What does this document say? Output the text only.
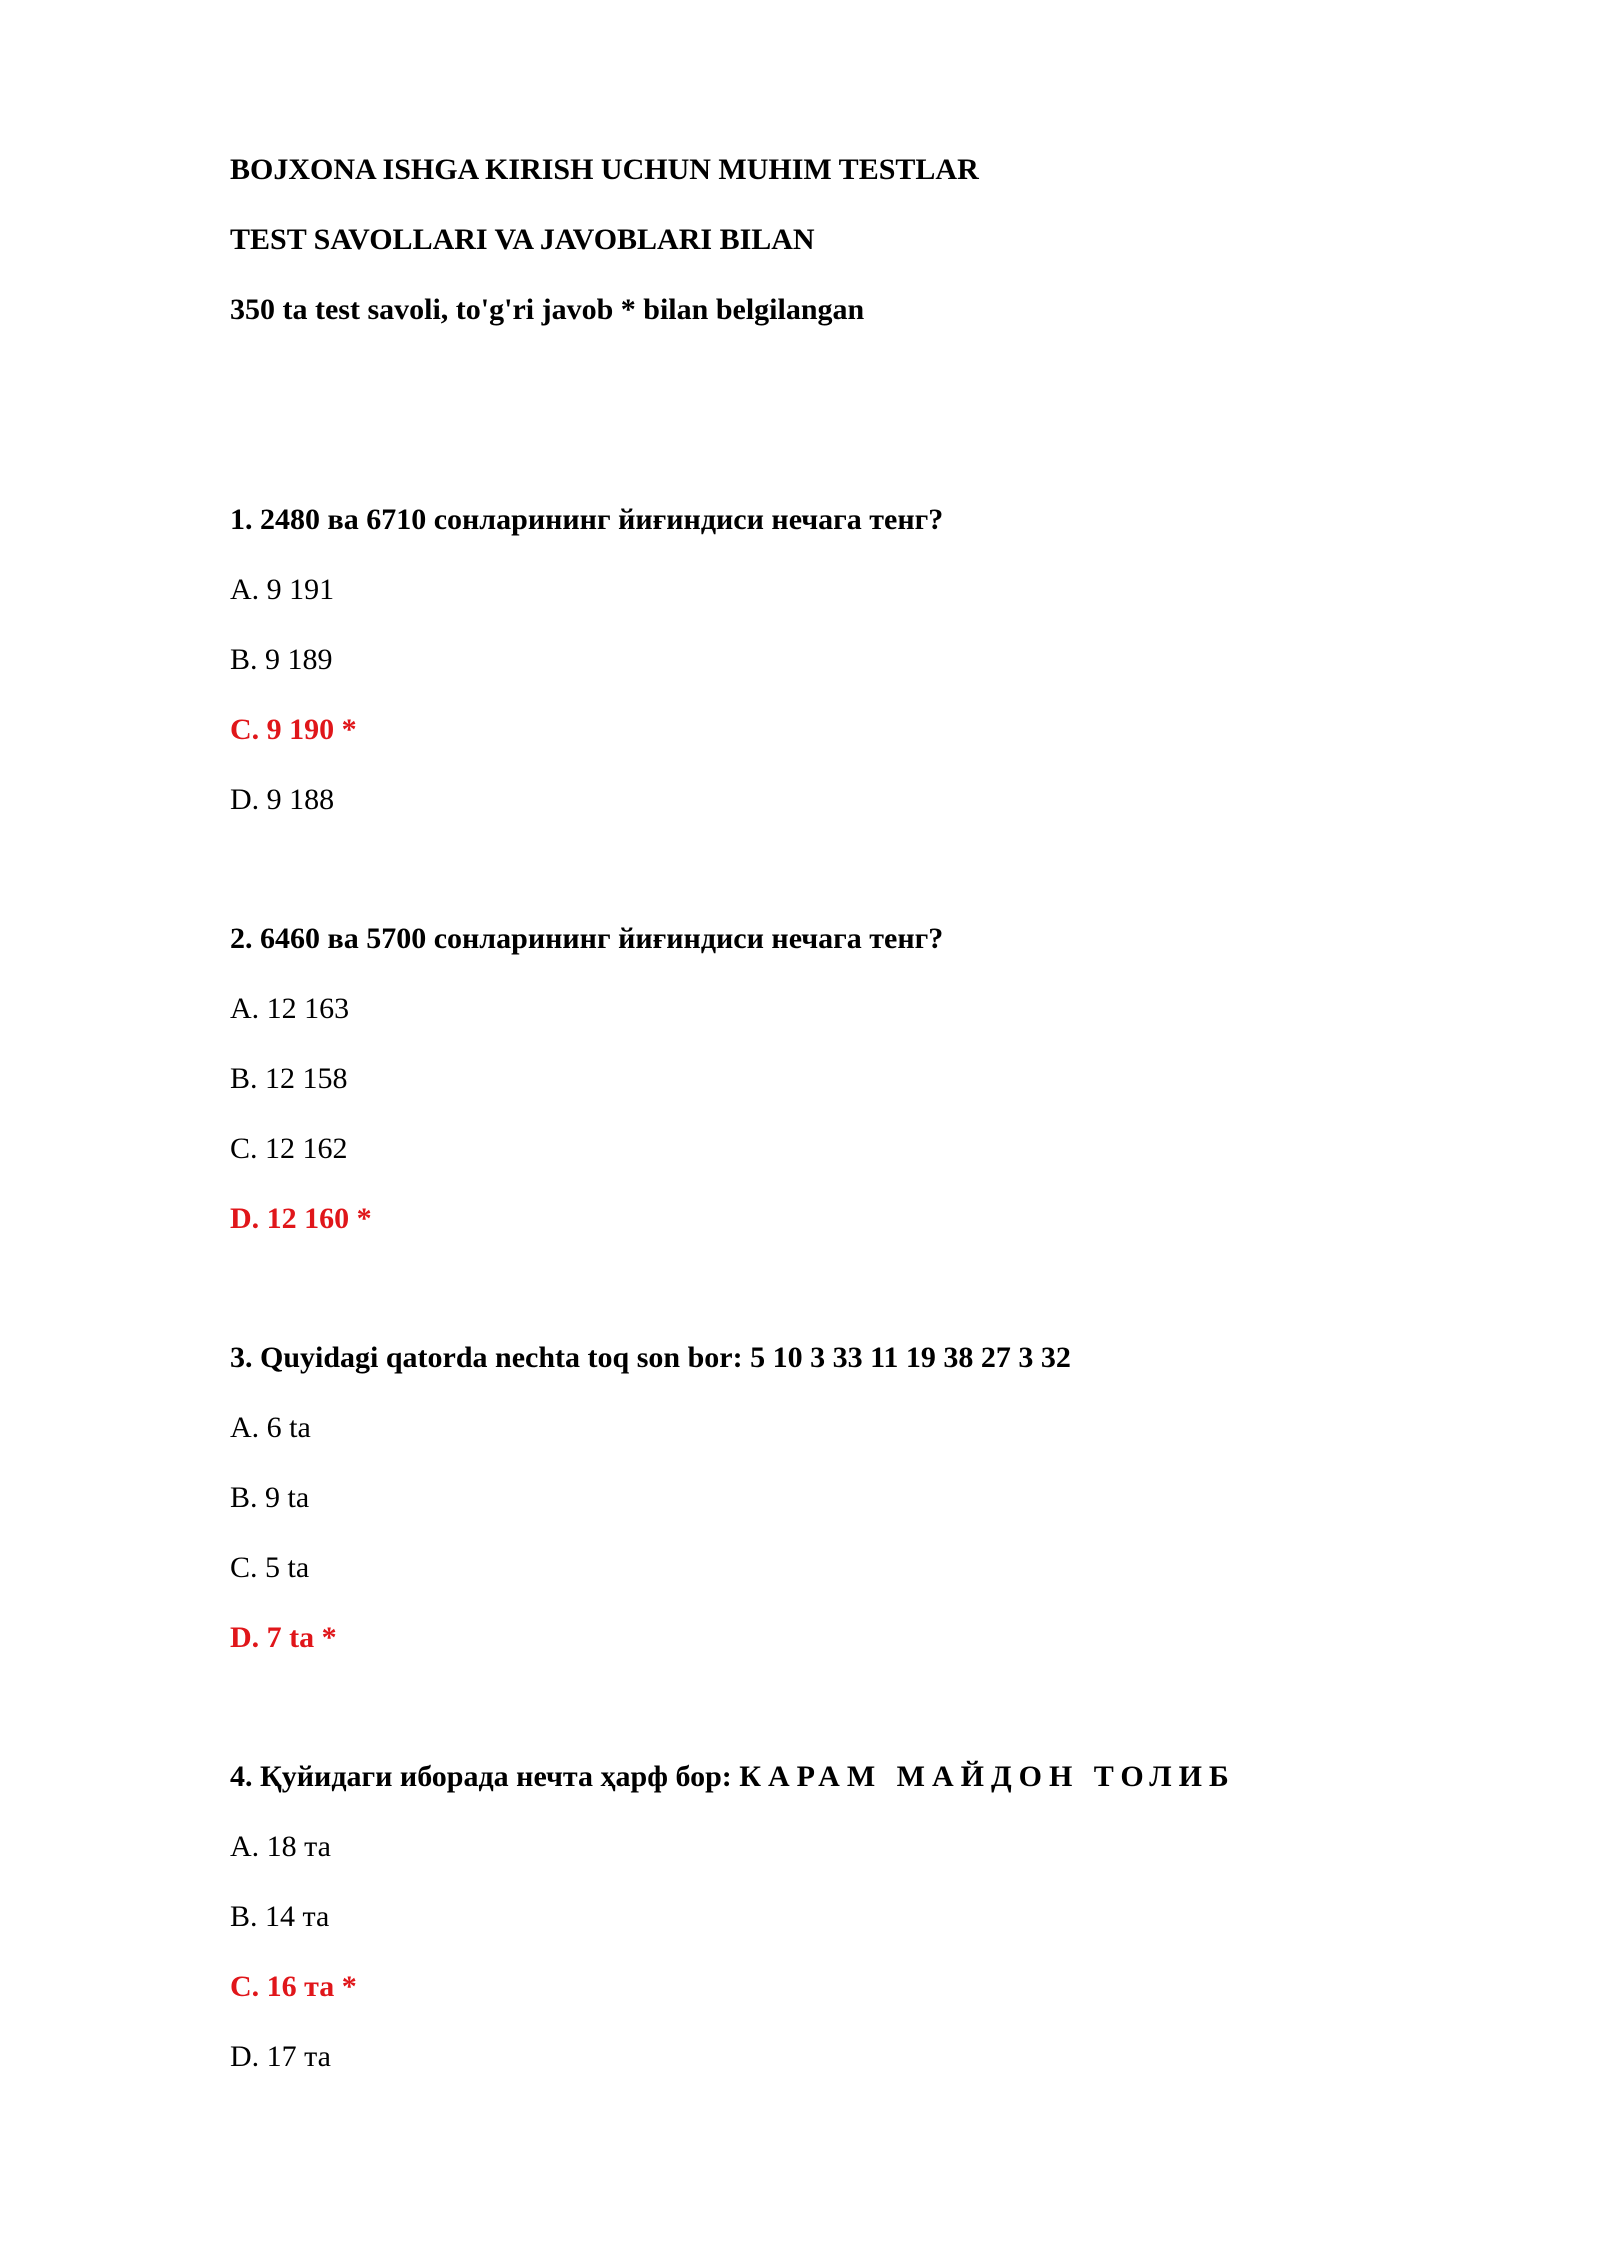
BOJXONA ISHGA KIRISH UCHUN MUHIM TESTLAR
TEST SAVOLLARI VA JAVOBLARI BILAN
350 ta test savoli, to'g'ri javob * bilan belgilangan
1. 2480 ва 6710 сонларининг йиғиндиси нечага тенг?
A. 9 191
B. 9 189
C. 9 190 *
D. 9 188
2. 6460 ва 5700 сонларининг йиғиндиси нечага тенг?
A. 12 163
B. 12 158
C. 12 162
D. 12 160 *
3. Quyidagi qatorda nechta toq son bor: 5 10 3 33 11 19 38 27 3 32
A. 6 ta
B. 9 ta
C. 5 ta
D. 7 ta *
4. Қуйидаги иборада нечта ҳарф бор: КАРАМ МАЙДОН ТОЛИБ
A. 18 та
B. 14 та
C. 16 та *
D. 17 та
